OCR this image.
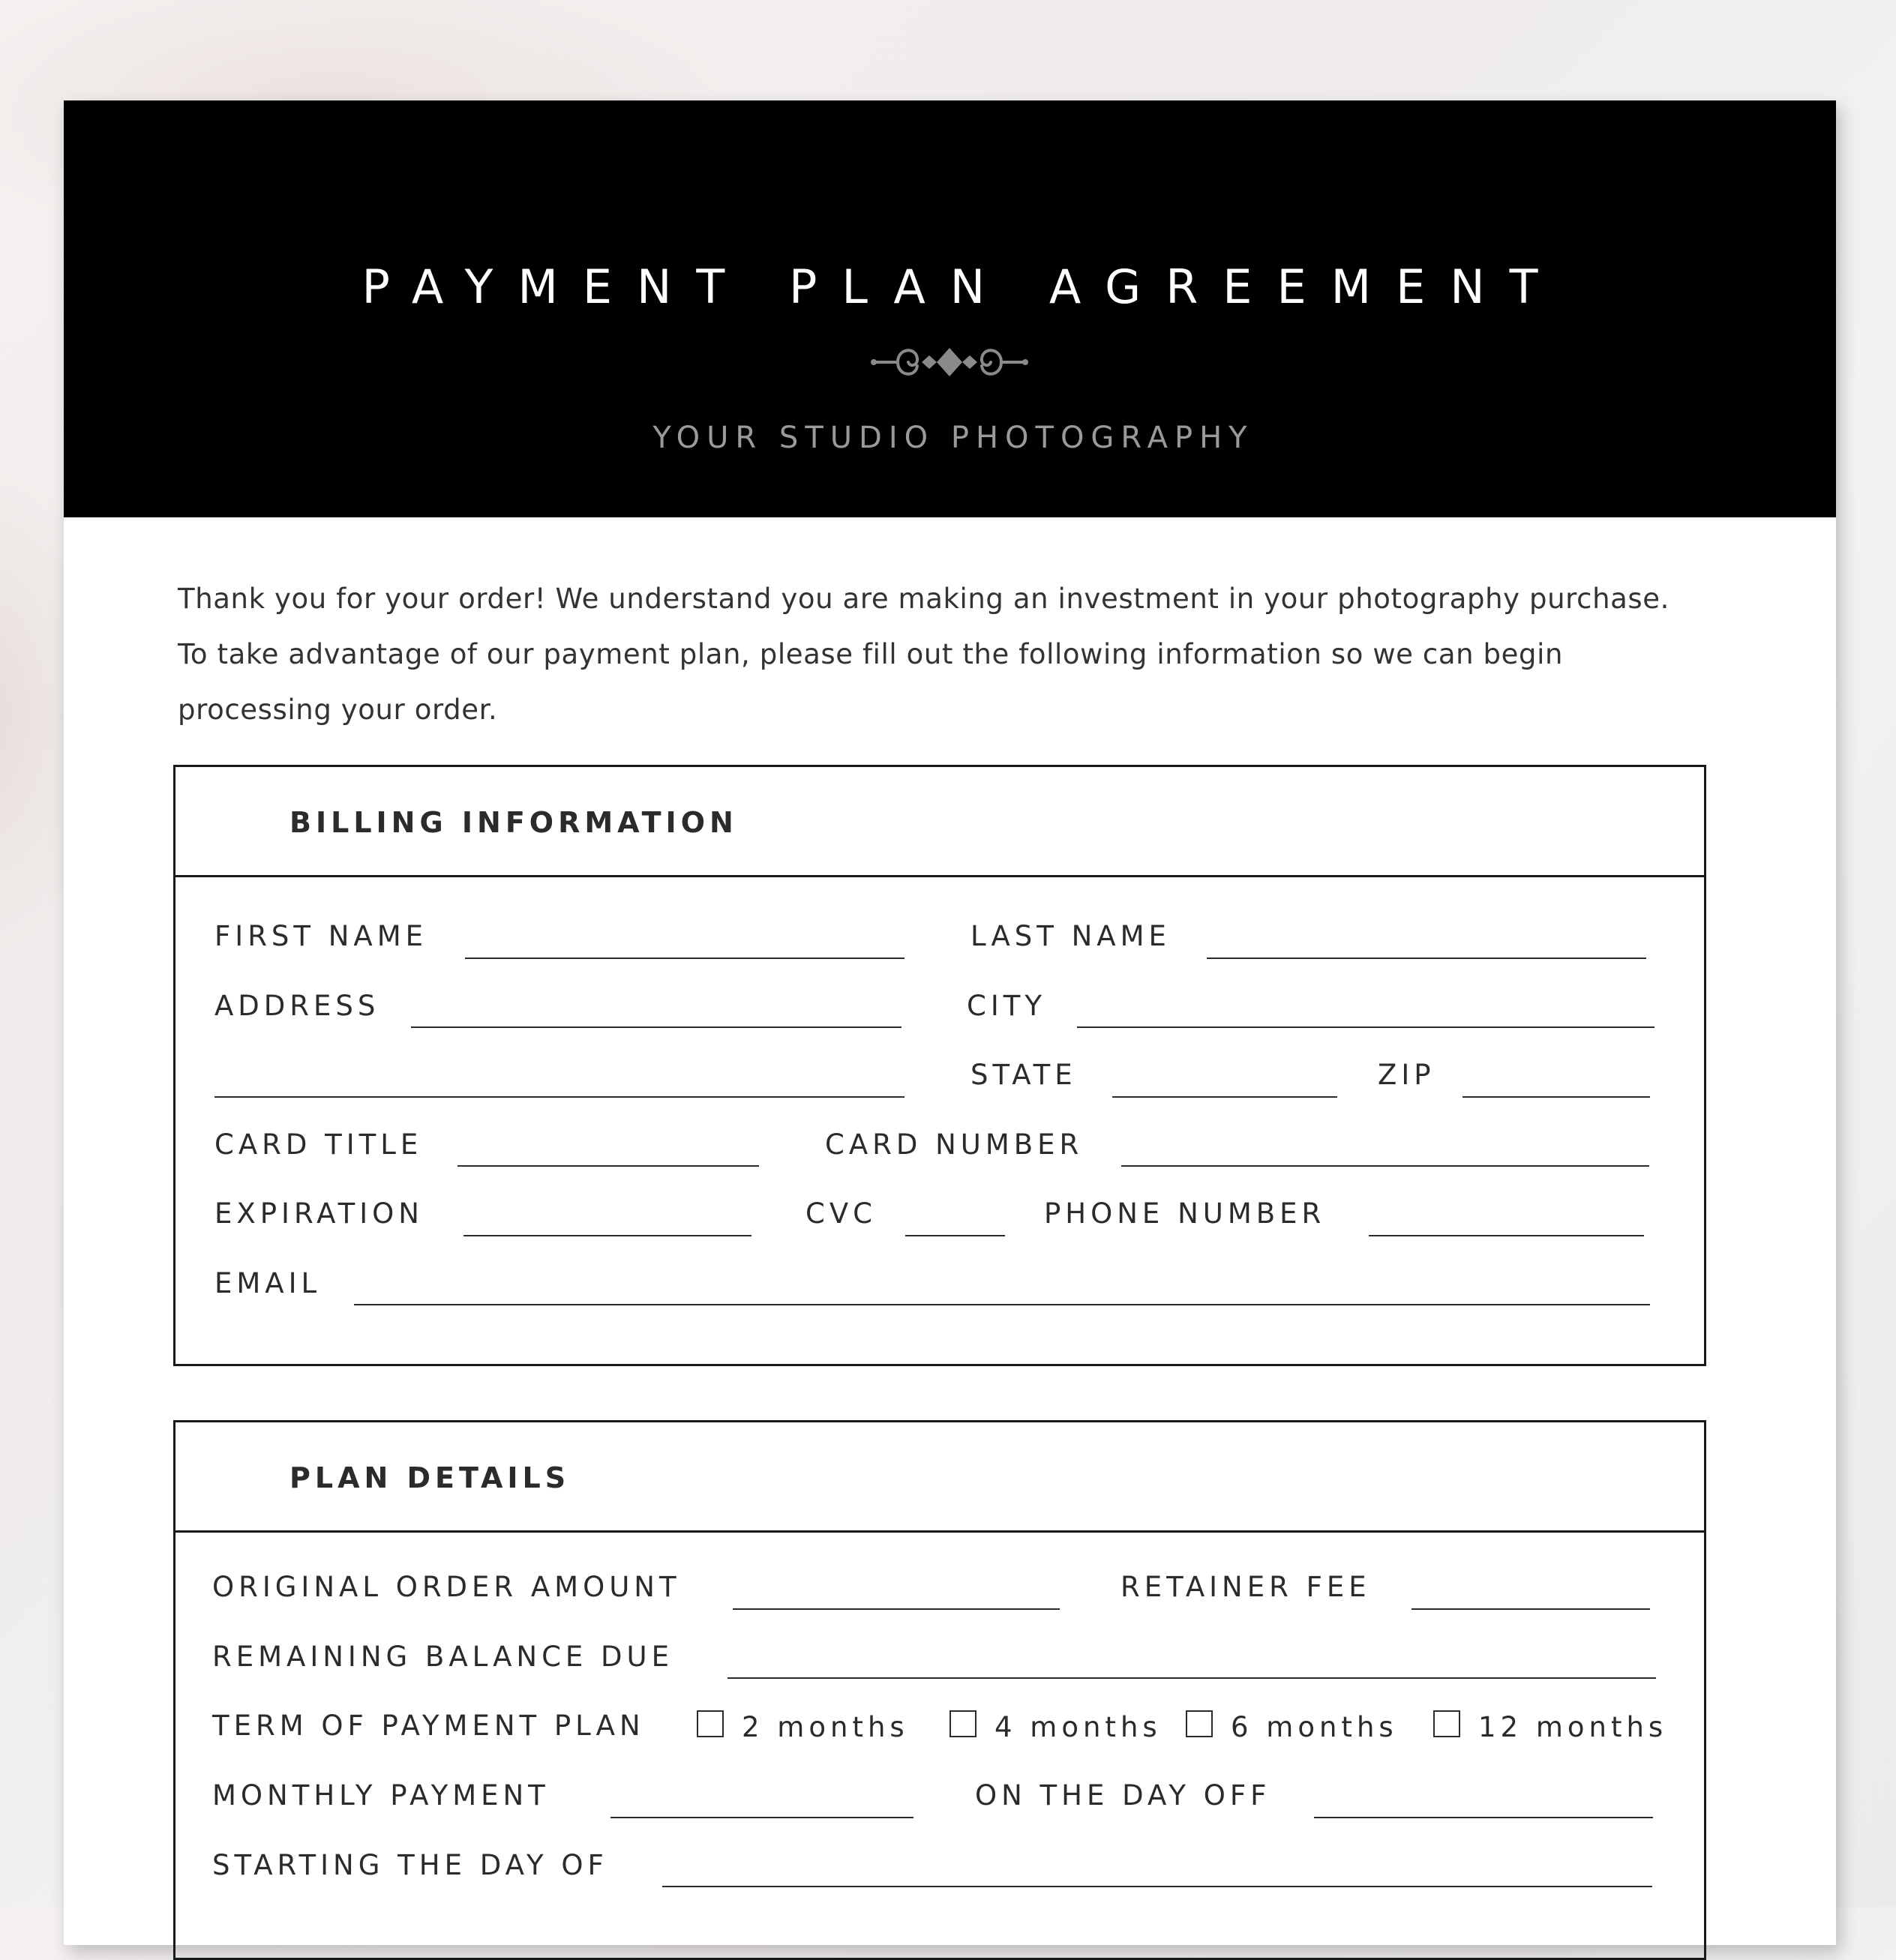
PAYMENT PLAN AGREEMENT
YOUR STUDIO PHOTOGRAPHY

Thank you for your order! We understand you are making an investment in your photography purchase.

To take advantage of our payment plan, please fill out the following information so we can begin

processing your order.

BILLING INFORMATION
FIRST NAME	LAST NAME
ADDRESS	CITY
STATE	ZIP
CARD TITLE	CARD NUMBER
EXPIRATION	CVC	PHONE NUMBER
EMAIL
PLAN DETAILS
ORIGINAL ORDER AMOUNT	RETAINER FEE
REMAINING BALANCE DUE
TERM OF PAYMENT PLAN	2 months	4 months 6 months	12 months
MONTHLY PAYMENT	ON THE DAY OFF
STARTING THE DAY OF
